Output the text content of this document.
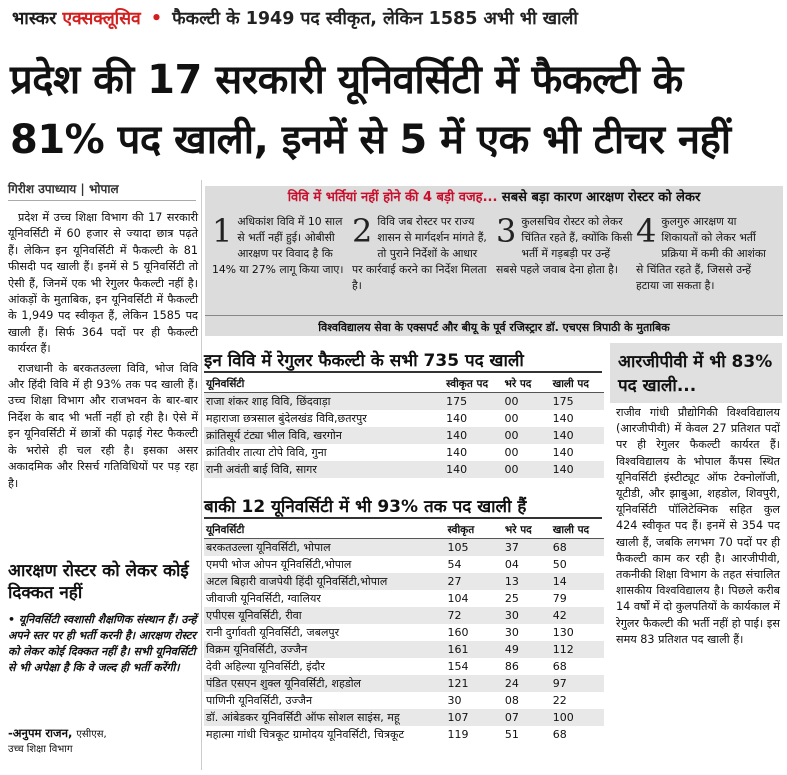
भास्कर एक्सक्लूसिव • फैकल्टी के 1949 पद स्वीकृत, लेकिन 1585 अभी भी खाली
प्रदेश की 17 सरकारी यूनिवर्सिटी में फैकल्टी के 81% पद खाली, इनमें से 5 में एक भी टीचर नहीं
गिरीश उपाध्याय | भोपाल

प्रदेश में उच्च शिक्षा विभाग की 17 सरकारी यूनिवर्सिटी में 60 हजार से ज्यादा छात्र पढ़ते हैं। लेकिन इन यूनिवर्सिटी में फैकल्टी के 81 फीसदी पद खाली हैं। इनमें से 5 यूनिवर्सिटी तो ऐसी हैं, जिनमें एक भी रेगुलर फैकल्टी नहीं है। आंकड़ों के मुताबिक, इन यूनिवर्सिटी में फैकल्टी के 1,949 पद स्वीकृत हैं, लेकिन 1585 पद खाली हैं। सिर्फ 364 पदों पर ही फैकल्टी कार्यरत हैं।

राजधानी के बरकतउल्ला विवि, भोज विवि और हिंदी विवि में ही 93% तक पद खाली हैं। उच्च शिक्षा विभाग और राजभवन के बार-बार निर्देश के बाद भी भर्ती नहीं हो रही है। ऐसे में इन यूनिवर्सिटी में छात्रों की पढ़ाई गेस्ट फैकल्टी के भरोसे ही चल रही है। इसका असर अकादमिक और रिसर्च गतिविधियों पर पड़ रहा है।

आरक्षण रोस्टर को लेकर कोई दिक्कत नहीं
• यूनिवर्सिटी स्वशासी शैक्षणिक संस्थान हैं। उन्हें अपने स्तर पर ही भर्ती करनी है। आरक्षण रोस्टर को लेकर कोई दिक्कत नहीं है। सभी यूनिवर्सिटी से भी अपेक्षा है कि वे जल्द ही भर्ती करेंगी।
-अनुपम राजन, एसीएस,
उच्च शिक्षा विभाग
विवि में भर्तियां नहीं होने की 4 बड़ी वजह... सबसे बड़ा कारण आरक्षण रोस्टर को लेकर
1 अधिकांश विवि में 10 साल से भर्ती नहीं हुई। ओबीसी आरक्षण पर विवाद है कि 14% या 27% लागू किया जाए।
2 विवि जब रोस्टर पर राज्य शासन से मार्गदर्शन मांगते हैं, तो पुराने निर्देशों के आधार पर कार्रवाई करने का निर्देश मिलता है।
3 कुलसचिव रोस्टर को लेकर चिंतित रहते हैं, क्योंकि किसी भर्ती में गड़बड़ी पर उन्हें सबसे पहले जवाब देना होता है।
4 कुलगुरु आरक्षण या शिकायतों को लेकर भर्ती प्रक्रिया में कमी की आशंका से चिंतित रहते हैं, जिससे उन्हें हटाया जा सकता है।
विश्वविद्यालय सेवा के एक्सपर्ट और बीयू के पूर्व रजिस्ट्रार डॉ. एचएस त्रिपाठी के मुताबिक
इन विवि में रेगुलर फैकल्टी के सभी 735 पद खाली
यूनिवर्सिटी	स्वीकृत पद	भरे पद	खाली पद
राजा शंकर शाह विवि, छिंदवाड़ा	175	00	175
महाराजा छत्रसाल बुंदेलखंड विवि,छतरपुर	140	00	140
क्रांतिसूर्य टंट्या भील विवि, खरगोन	140	00	140
क्रांतिवीर तात्या टोपे विवि, गुना	140	00	140
रानी अवंती बाई विवि, सागर	140	00	140
बाकी 12 यूनिवर्सिटी में भी 93% तक पद खाली हैं
यूनिवर्सिटी	स्वीकृत	भरे पद	खाली पद
बरकतउल्ला यूनिवर्सिटी, भोपाल	105	37	68
एमपी भोज ओपन यूनिवर्सिटी,भोपाल	54	04	50
अटल बिहारी वाजपेयी हिंदी यूनिवर्सिटी,भोपाल	27	13	14
जीवाजी यूनिवर्सिटी, ग्वालियर	104	25	79
एपीएस यूनिवर्सिटी, रीवा	72	30	42
रानी दुर्गावती यूनिवर्सिटी, जबलपुर	160	30	130
विक्रम यूनिवर्सिटी, उज्जैन	161	49	112
देवी अहिल्या यूनिवर्सिटी, इंदौर	154	86	68
पंडित एसएन शुक्ल यूनिवर्सिटी, शहडोल	121	24	97
पाणिनी यूनिवर्सिटी, उज्जैन	30	08	22
डॉ. आंबेडकर यूनिवर्सिटी ऑफ सोशल साइंस, महू	107	07	100
महात्मा गांधी चित्रकूट ग्रामोदय यूनिवर्सिटी, चित्रकूट	119	51	68
आरजीपीवी में भी 83% पद खाली...
राजीव गांधी प्रौद्योगिकी विश्वविद्यालय (आरजीपीवी) में केवल 27 प्रतिशत पदों पर ही रेगुलर फैकल्टी कार्यरत हैं। विश्वविद्यालय के भोपाल कैंपस स्थित यूनिवर्सिटी इंस्टीट्यूट ऑफ टेक्नोलॉजी, यूटीडी, और झाबुआ, शहडोल, शिवपुरी, यूनिवर्सिटी पॉलिटेक्निक सहित कुल 424 स्वीकृत पद हैं। इनमें से 354 पद खाली हैं, जबकि लगभग 70 पदों पर ही फैकल्टी काम कर रही है। आरजीपीवी, तकनीकी शिक्षा विभाग के तहत संचालित शासकीय विश्वविद्यालय है। पिछले करीब 14 वर्षों में दो कुलपतियों के कार्यकाल में रेगुलर फैकल्टी की भर्ती नहीं हो पाई। इस समय 83 प्रतिशत पद खाली हैं।
